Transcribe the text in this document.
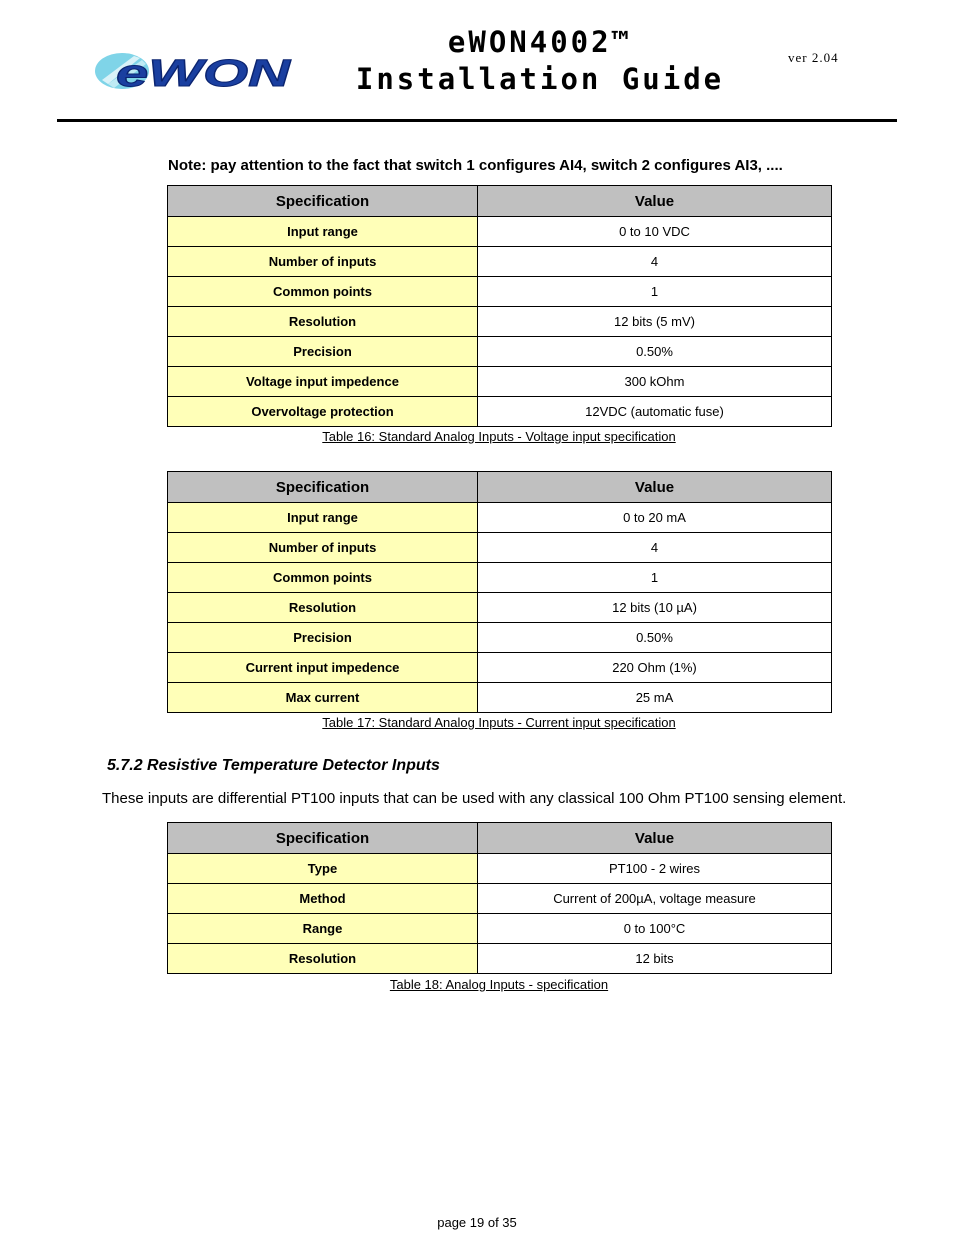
eWON
eWON4002™
Installation Guide
ver 2.04
Note: pay attention to the fact that switch 1 configures AI4, switch 2 configures AI3, ....
Specification	Value
Input range	0 to 10 VDC
Number of inputs	4
Common points	1
Resolution	12 bits (5 mV)
Precision	0.50%
Voltage input impedence	300 kOhm
Overvoltage protection	12VDC (automatic fuse)
Table 16: Standard Analog Inputs - Voltage input specification
Specification	Value
Input range	0 to 20 mA
Number of inputs	4
Common points	1
Resolution	12 bits (10 µA)
Precision	0.50%
Current input impedence	220 Ohm (1%)
Max current	25 mA
Table 17: Standard Analog Inputs - Current input specification
5.7.2 Resistive Temperature Detector Inputs
These inputs are differential PT100 inputs that can be used with any classical 100 Ohm PT100 sensing element.
Specification	Value
Type	PT100 - 2 wires
Method	Current of 200µA, voltage measure
Range	0 to 100°C
Resolution	12 bits
Table 18: Analog Inputs - specification
page 19 of 35
